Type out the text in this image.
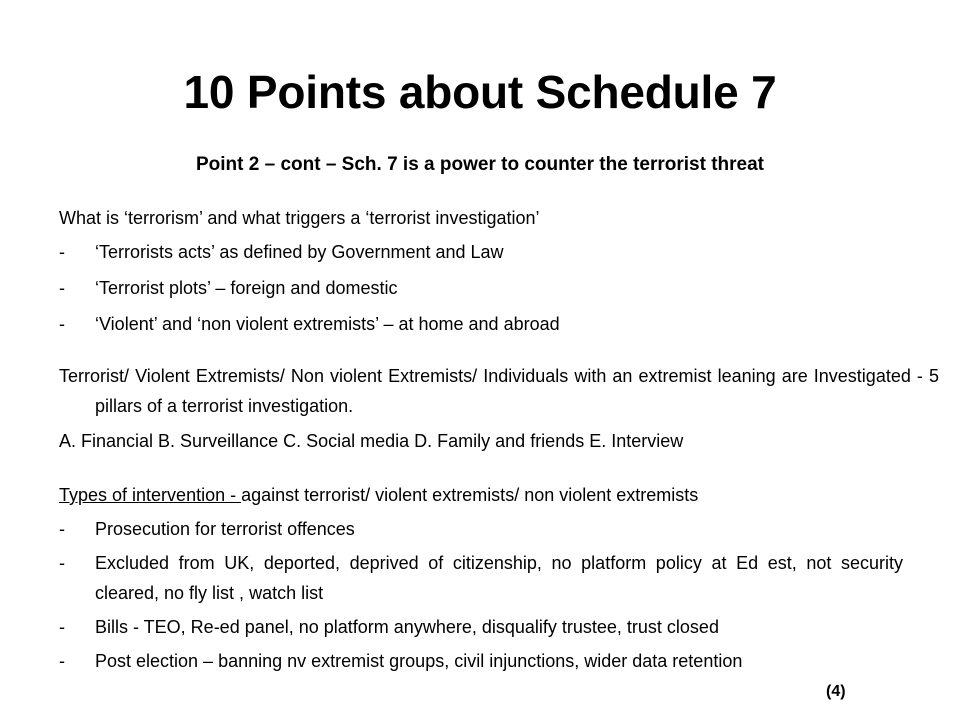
10 Points about Schedule 7
Point 2 – cont – Sch. 7 is a power to counter the terrorist threat
What is ‘terrorism’ and what triggers a ‘terrorist investigation’
-	‘Terrorists acts’ as defined by Government and Law
-	‘Terrorist plots’ – foreign and domestic
-	‘Violent’ and ‘non violent extremists’ – at home and abroad
Terrorist/ Violent Extremists/ Non violent Extremists/ Individuals with an extremist leaning are Investigated - 5 pillars of a terrorist investigation.
A. Financial B. Surveillance C. Social media D. Family and friends E. Interview
Types of intervention - against terrorist/ violent extremists/ non violent extremists
-	Prosecution for terrorist offences
- Excluded from UK, deported, deprived of citizenship, no platform policy at Ed est, not security cleared, no fly list , watch list
-	Bills - TEO, Re-ed panel, no platform anywhere, disqualify trustee, trust closed
-	Post election – banning nv extremist groups, civil injunctions, wider data retention
(4)
